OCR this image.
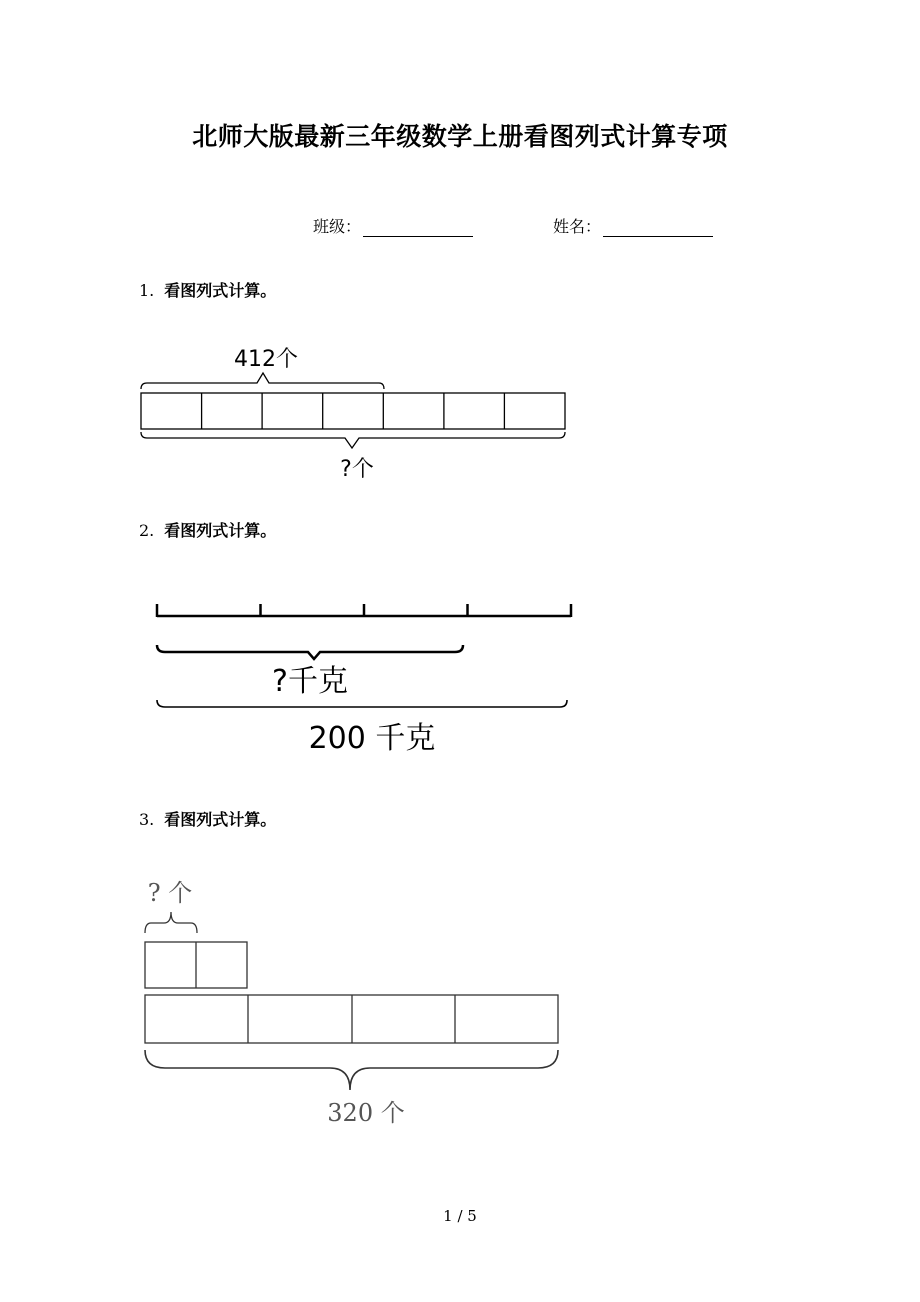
北师大版最新三年级数学上册看图列式计算专项
班级：	姓名：
1. 看图列式计算。
2. 看图列式计算。
3. 看图列式计算。
412个
?个
?千克
200 千克
? 个
320 个
1 / 5
